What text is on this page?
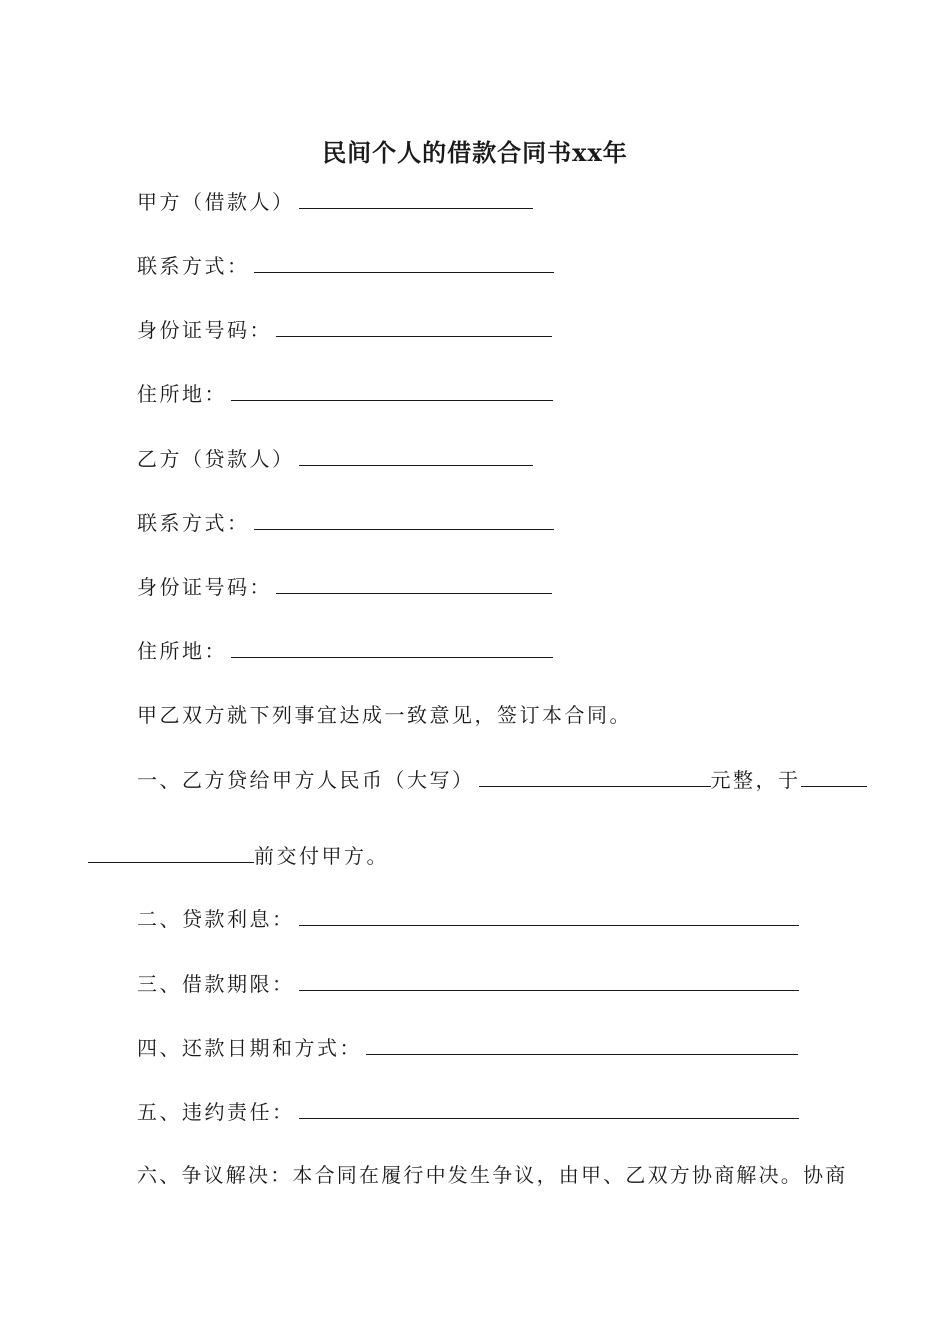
民间个人的借款合同书xx年
甲方（借款人）
联系方式：
身份证号码：
住所地：
乙方（贷款人）
联系方式：
身份证号码：
住所地：
甲乙双方就下列事宜达成一致意见，签订本合同。
一、乙方贷给甲方人民币（大写）	元整，于
前交付甲方。
二、贷款利息：
三、借款期限：
四、还款日期和方式：
五、违约责任：
六、争议解决：本合同在履行中发生争议，由甲、乙双方协商解决。协商
